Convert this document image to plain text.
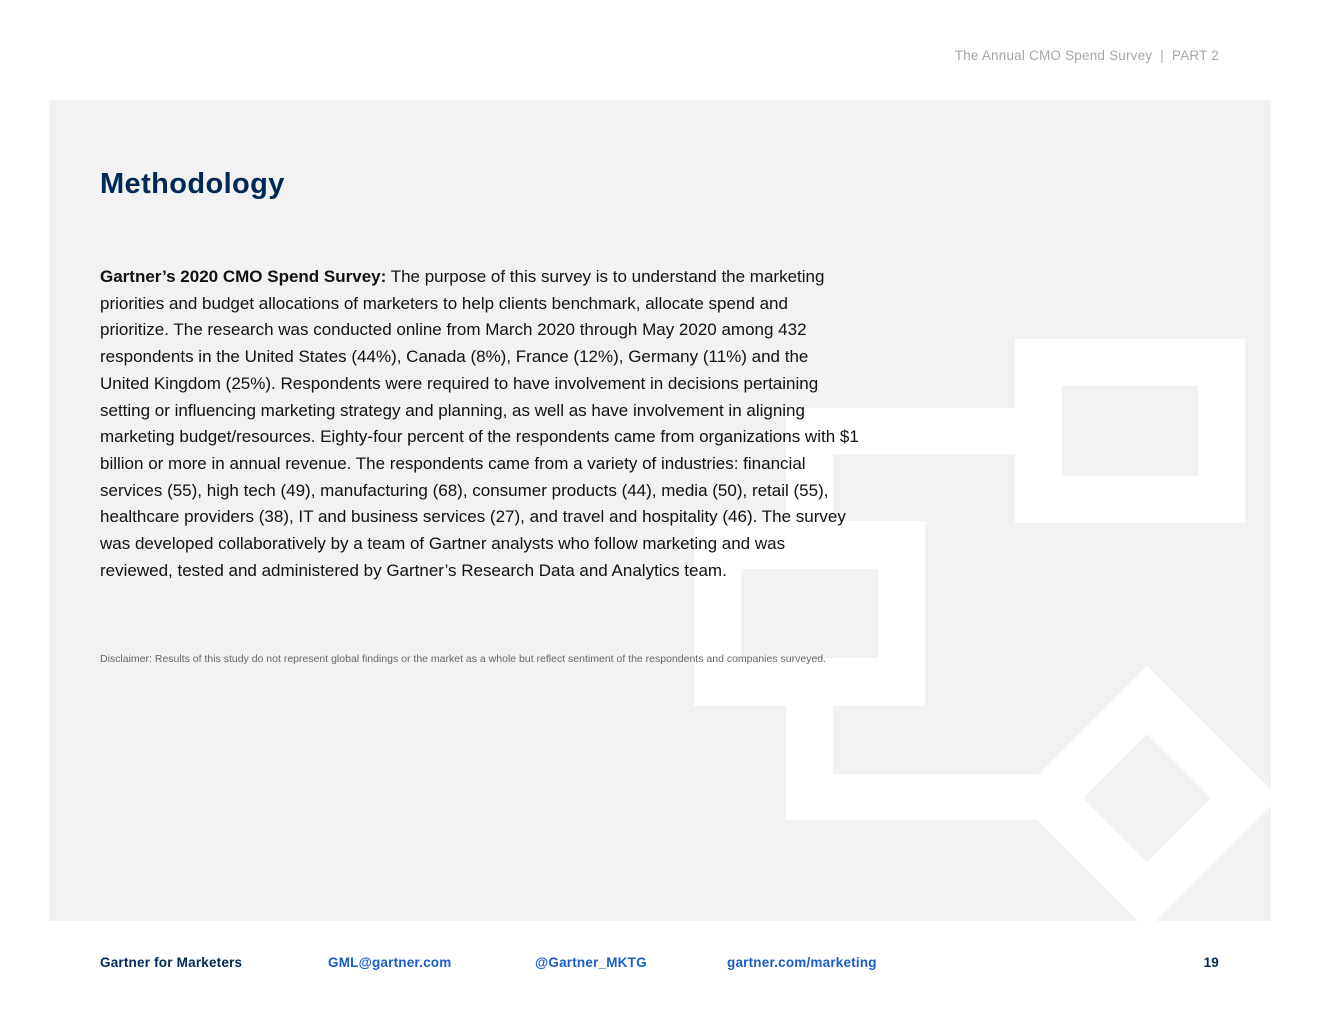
The Annual CMO Spend Survey | PART 2
Methodology

Gartner’s 2020 CMO Spend Survey: The purpose of this survey is to understand the marketing priorities and budget allocations of marketers to help clients benchmark, allocate spend and prioritize. The research was conducted online from March 2020 through May 2020 among 432 respondents in the United States (44%), Canada (8%), France (12%), Germany (11%) and the United Kingdom (25%). Respondents were required to have involvement in decisions pertaining setting or influencing marketing strategy and planning, as well as have involvement in aligning marketing budget/resources. Eighty-four percent of the respondents came from organizations with $1 billion or more in annual revenue. The respondents came from a variety of industries: financial services (55), high tech (49), manufacturing (68), consumer products (44), media (50), retail (55), healthcare providers (38), IT and business services (27), and travel and hospitality (46). The survey was developed collaboratively by a team of Gartner analysts who follow marketing and was reviewed, tested and administered by Gartner’s Research Data and Analytics team.

Disclaimer: Results of this study do not represent global findings or the market as a whole but reflect sentiment of the respondents and companies surveyed.

Gartner for Marketers	GML@gartner.com	@Gartner_MKTG	gartner.com/marketing	19
